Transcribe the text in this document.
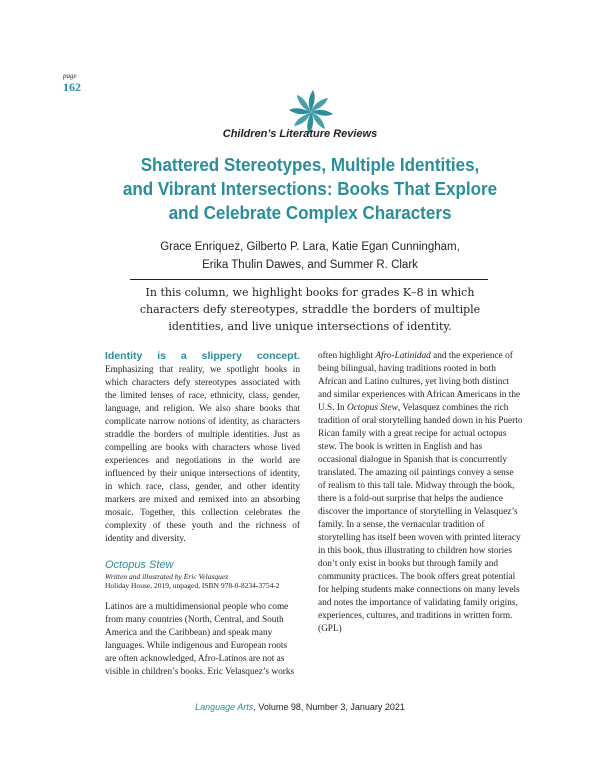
page
162
Children’s Literature Reviews
Shattered Stereotypes, Multiple Identities,
and Vibrant Intersections: Books That Explore
and Celebrate Complex Characters
Grace Enriquez, Gilberto P. Lara, Katie Egan Cunningham,
Erika Thulin Dawes, and Summer R. Clark
In this column, we highlight books for grades K–8 in which
characters defy stereotypes, straddle the borders of multiple
identities, and live unique intersections of identity.
Identity is a slippery concept. Emphasizing that reality, we spotlight books in which characters defy stereotypes associated with the limited lenses of race, ethnicity, class, gender, language, and religion. We also share books that complicate narrow notions of identity, as characters straddle the borders of multiple identities. Just as compelling are books with characters whose lived experiences and negotiations in the world are influenced by their unique intersections of identity, in which race, class, gender, and other identity markers are mixed and remixed into an absorbing mosaic. Together, this collection celebrates the complexity of these youth and the richness of identity and diversity.
Octopus Stew
Written and illustrated by Eric Velasquez
Holiday House, 2019, unpaged, ISBN 978-0-8234-3754-2
Latinos are a multidimensional people who come from many countries (North, Central, and South America and the Caribbean) and speak many languages. While indigenous and European roots are often acknowledged, Afro-Latinos are not as visible in children’s books. Eric Velasquez’s works
often highlight Afro-Latinidad and the experience of being bilingual, having traditions rooted in both African and Latino cultures, yet living both distinct and similar experiences with African Americans in the U.S. In Octopus Stew, Velasquez combines the rich tradition of oral storytelling handed down in his Puerto Rican family with a great recipe for actual octopus stew. The book is written in English and has occasional dialogue in Spanish that is concurrently translated. The amazing oil paintings convey a sense of realism to this tall tale. Midway through the book, there is a fold-out surprise that helps the audience discover the importance of storytelling in Velasquez’s family. In a sense, the vernacular tradition of storytelling has itself been woven with printed literacy in this book, thus illustrating to children how stories don’t only exist in books but through family and community practices. The book offers great potential for helping students make connections on many levels and notes the importance of validating family origins, experiences, cultures, and traditions in written form. (GPL)
Language Arts, Volume 98, Number 3, January 2021
